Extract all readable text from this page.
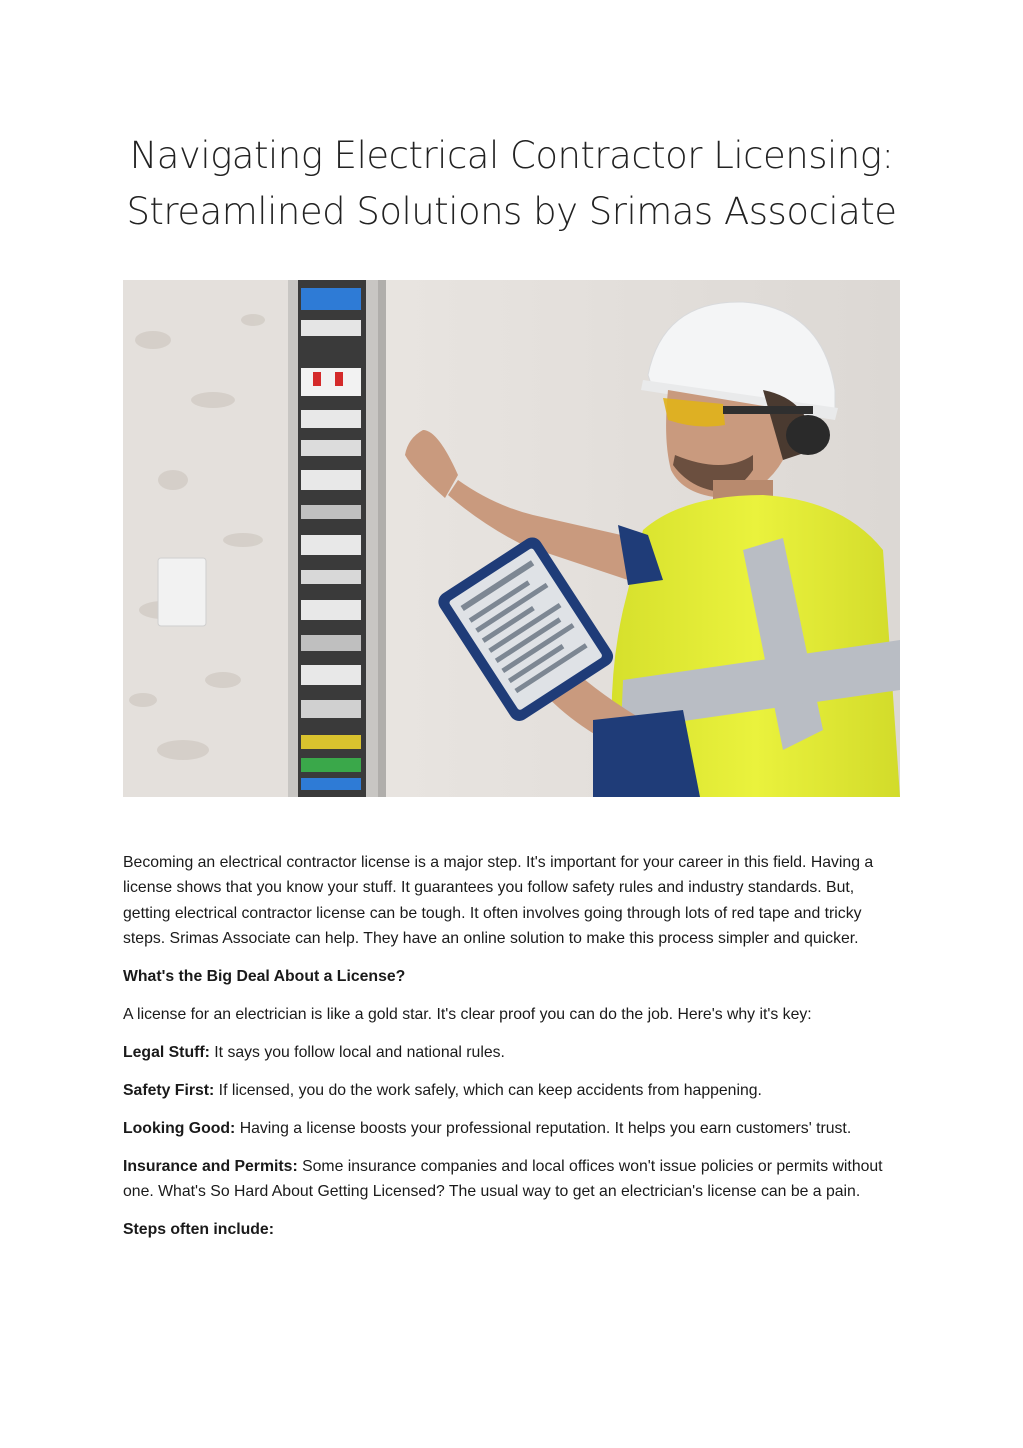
Navigating Electrical Contractor Licensing:
Streamlined Solutions by Srimas Associate

Becoming an electrical contractor license is a major step. It's important for your career in this field. Having a license shows that you know your stuff. It guarantees you follow safety rules and industry standards. But, getting electrical contractor license can be tough. It often involves going through lots of red tape and tricky steps. Srimas Associate can help. They have an online solution to make this process simpler and quicker.

What's the Big Deal About a License?

A license for an electrician is like a gold star. It's clear proof you can do the job. Here's why it's key:

Legal Stuff: It says you follow local and national rules.

Safety First: If licensed, you do the work safely, which can keep accidents from happening.

Looking Good: Having a license boosts your professional reputation. It helps you earn customers' trust.

Insurance and Permits: Some insurance companies and local offices won't issue policies or permits without one. What's So Hard About Getting Licensed? The usual way to get an electrician's license can be a pain.

Steps often include:
